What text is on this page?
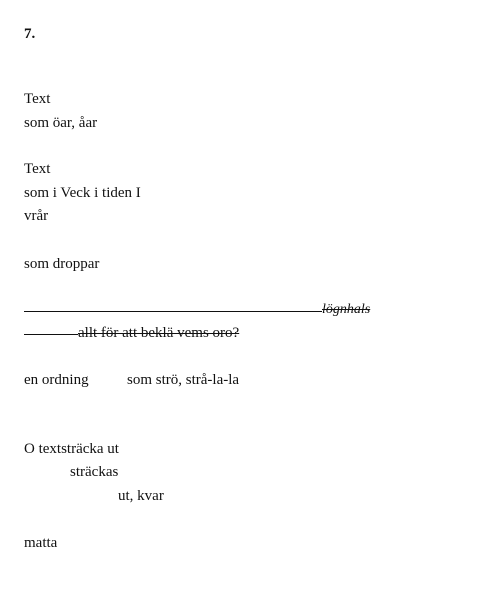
7.
Text
som öar, åar
Text
som i Veck i tiden I
vrår
som droppar
lögnhals
allt för att beklä vems oro?
en ordning	som strö, strå-la-la
O textsträcka ut
sträckas
ut, kvar
matta
